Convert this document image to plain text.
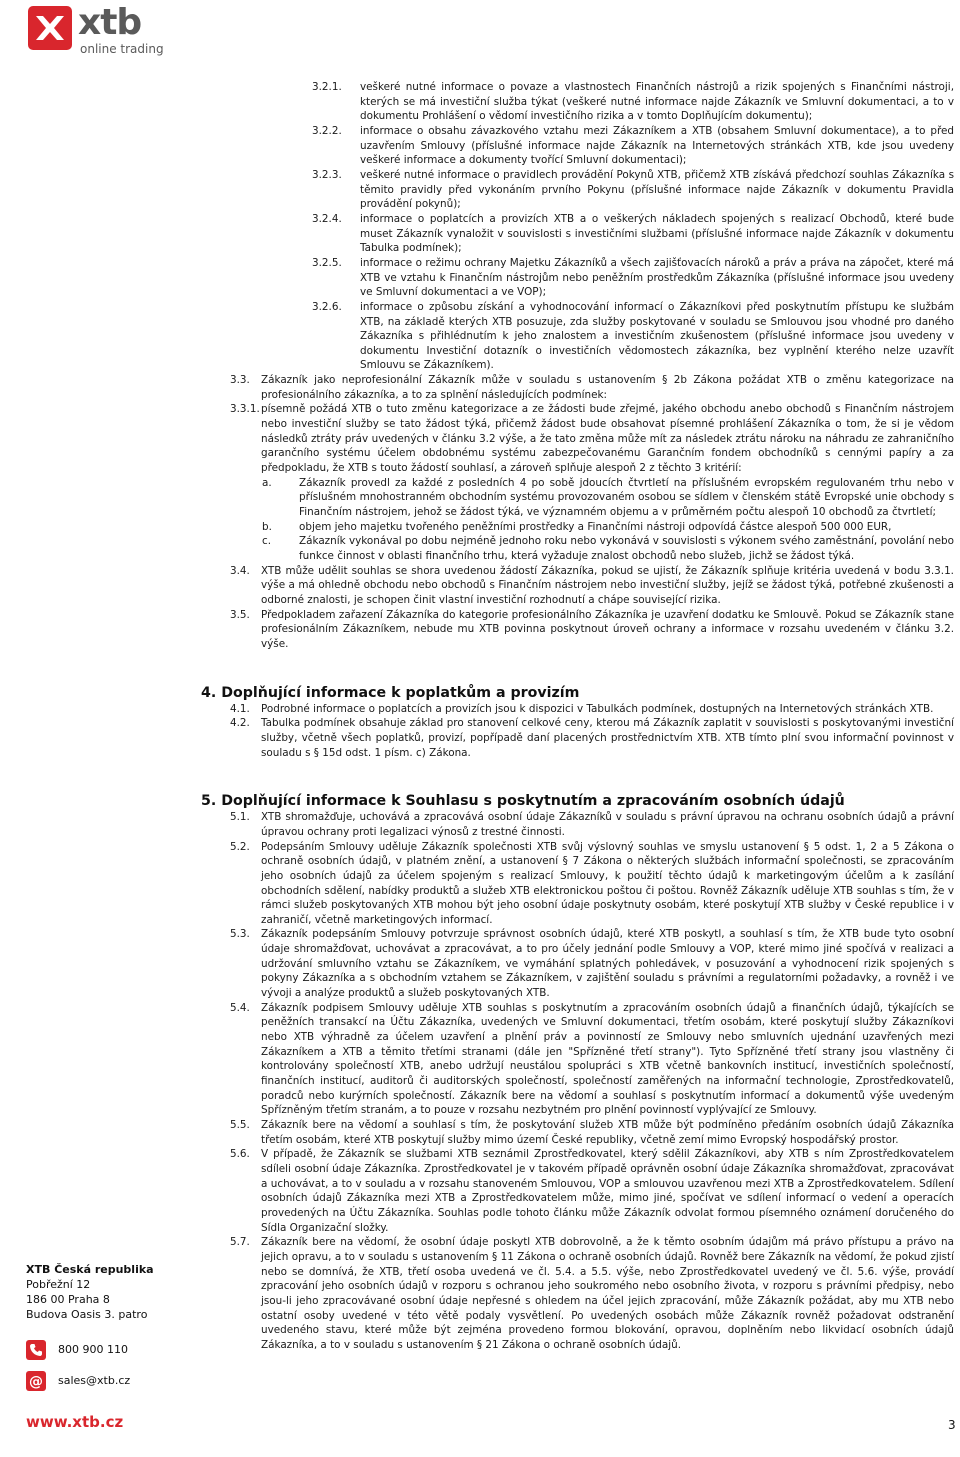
xtb
online trading
3.2.1. veškeré nutné informace o povaze a vlastnostech Finančních nástrojů a rizik spojených s Finančními nástroji, kterých se má investiční služba týkat (veškeré nutné informace najde Zákazník ve Smluvní dokumentaci, a to v dokumentu Prohlášení o vědomí investičního rizika a v tomto Doplňujícím dokumentu);
3.2.2. informace o obsahu závazkového vztahu mezi Zákazníkem a XTB (obsahem Smluvní dokumentace), a to před uzavřením Smlouvy (příslušné informace najde Zákazník na Internetových stránkách XTB, kde jsou uvedeny veškeré informace a dokumenty tvořící Smluvní dokumentaci);
3.2.3. veškeré nutné informace o pravidlech provádění Pokynů XTB, přičemž XTB získává předchozí souhlas Zákazníka s těmito pravidly před vykonáním prvního Pokynu (příslušné informace najde Zákazník v dokumentu Pravidla provádění pokynů);
3.2.4. informace o poplatcích a provizích XTB a o veškerých nákladech spojených s realizací Obchodů, které bude muset Zákazník vynaložit v souvislosti s investičními službami (příslušné informace najde Zákazník v dokumentu Tabulka podmínek);
3.2.5. informace o režimu ochrany Majetku Zákazníků a všech zajišťovacích nároků a práv a práva na zápočet, které má XTB ve vztahu k Finančním nástrojům nebo peněžním prostředkům Zákazníka (příslušné informace jsou uvedeny ve Smluvní dokumentaci a ve VOP);
3.2.6. informace o způsobu získání a vyhodnocování informací o Zákazníkovi před poskytnutím přístupu ke službám XTB, na základě kterých XTB posuzuje, zda služby poskytované v souladu se Smlouvou jsou vhodné pro daného Zákazníka s přihlédnutím k jeho znalostem a investičním zkušenostem (příslušné informace jsou uvedeny v dokumentu Investiční dotazník o investičních vědomostech zákazníka, bez vyplnění kterého nelze uzavřít Smlouvu se Zákazníkem).
3.3. Zákazník jako neprofesionální Zákazník může v souladu s ustanovením § 2b Zákona požádat XTB o změnu kategorizace na profesionálního zákazníka, a to za splnění následujících podmínek:
3.3.1. písemně požádá XTB o tuto změnu kategorizace a ze žádosti bude zřejmé, jakého obchodu anebo obchodů s Finančním nástrojem nebo investiční služby se tato žádost týká, přičemž žádost bude obsahovat písemné prohlášení Zákazníka o tom, že si je vědom následků ztráty práv uvedených v článku 3.2 výše, a že tato změna může mít za následek ztrátu nároku na náhradu ze zahraničního garančního systému účelem obdobnému systému zabezpečovanému Garančním fondem obchodníků s cennými papíry a za předpokladu, že XTB s touto žádostí souhlasí, a zároveň splňuje alespoň 2 z těchto 3 kritérií:
a.	Zákazník provedl za každé z posledních 4 po sobě jdoucích čtvrtletí na příslušném evropském regulovaném trhu nebo v příslušném mnohostranném obchodním systému provozovaném osobou se sídlem v členském státě Evropské unie obchody s Finančním nástrojem, jehož se žádost týká, ve významném objemu a v průměrném počtu alespoň 10 obchodů za čtvrtletí;
b.	objem jeho majetku tvořeného peněžními prostředky a Finančními nástroji odpovídá částce alespoň 500 000 EUR,
c.	Zákazník vykonával po dobu nejméně jednoho roku nebo vykonává v souvislosti s výkonem svého zaměstnání, povolání nebo funkce činnost v oblasti finančního trhu, která vyžaduje znalost obchodů nebo služeb, jichž se žádost týká.
3.4. XTB může udělit souhlas se shora uvedenou žádostí Zákazníka, pokud se ujistí, že Zákazník splňuje kritéria uvedená v bodu 3.3.1. výše a má ohledně obchodu nebo obchodů s Finančním nástrojem nebo investiční služby, jejíž se žádost týká, potřebné zkušenosti a odborné znalosti, je schopen činit vlastní investiční rozhodnutí a chápe související rizika.
3.5. Předpokladem zařazení Zákazníka do kategorie profesionálního Zákazníka je uzavření dodatku ke Smlouvě. Pokud se Zákazník stane profesionálním Zákazníkem, nebude mu XTB povinna poskytnout úroveň ochrany a informace v rozsahu uvedeném v článku 3.2. výše.
4. Doplňující informace k poplatkům a provizím
4.1. Podrobné informace o poplatcích a provizích jsou k dispozici v Tabulkách podmínek, dostupných na Internetových stránkách XTB.
4.2. Tabulka podmínek obsahuje základ pro stanovení celkové ceny, kterou má Zákazník zaplatit v souvislosti s poskytovanými investiční služby, včetně všech poplatků, provizí, popřípadě daní placených prostřednictvím XTB. XTB tímto plní svou informační povinnost v souladu s § 15d odst. 1 písm. c) Zákona.
5. Doplňující informace k Souhlasu s poskytnutím a zpracováním osobních údajů
5.1. XTB shromažďuje, uchovává a zpracovává osobní údaje Zákazníků v souladu s právní úpravou na ochranu osobních údajů a právní úpravou ochrany proti legalizaci výnosů z trestné činnosti.
5.2. Podepsáním Smlouvy uděluje Zákazník společnosti XTB svůj výslovný souhlas ve smyslu ustanovení § 5 odst. 1, 2 a 5 Zákona o ochraně osobních údajů, v platném znění, a ustanovení § 7 Zákona o některých službách informační společnosti, se zpracováním jeho osobních údajů za účelem spojeným s realizací Smlouvy, k použití těchto údajů k marketingovým účelům a k zasílání obchodních sdělení, nabídky produktů a služeb XTB elektronickou poštou či poštou. Rovněž Zákazník uděluje XTB souhlas s tím, že v rámci služeb poskytovaných XTB mohou být jeho osobní údaje poskytnuty osobám, které poskytují XTB služby v České republice i v zahraničí, včetně marketingových informací.
5.3. Zákazník podepsáním Smlouvy potvrzuje správnost osobních údajů, které XTB poskytl, a souhlasí s tím, že XTB bude tyto osobní údaje shromažďovat, uchovávat a zpracovávat, a to pro účely jednání podle Smlouvy a VOP, které mimo jiné spočívá v realizaci a udržování smluvního vztahu se Zákazníkem, ve vymáhání splatných pohledávek, v posuzování a vyhodnocení rizik spojených s pokyny Zákazníka a s obchodním vztahem se Zákazníkem, v zajištění souladu s právními a regulatorními požadavky, a rovněž i ve vývoji a analýze produktů a služeb poskytovaných XTB.
5.4. Zákazník podpisem Smlouvy uděluje XTB souhlas s poskytnutím a zpracováním osobních údajů a finančních údajů, týkajících se peněžních transakcí na Účtu Zákazníka, uvedených ve Smluvní dokumentaci, třetím osobám, které poskytují služby Zákazníkovi nebo XTB výhradně za účelem uzavření a plnění práv a povinností ze Smlouvy nebo smluvních ujednání uzavřených mezi Zákazníkem a XTB a těmito třetími stranami (dále jen "Spřízněné třetí strany"). Tyto Spřízněné třetí strany jsou vlastněny či kontrolovány společností XTB, anebo udržují neustálou spolupráci s XTB včetně bankovních institucí, investičních společností, finančních institucí, auditorů či auditorských společností, společností zaměřených na informační technologie, Zprostředkovatelů, poradců nebo kurýrních společností. Zákazník bere na vědomí a souhlasí s poskytnutím informací a dokumentů výše uvedeným Spřízněným třetím stranám, a to pouze v rozsahu nezbytném pro plnění povinností vyplývající ze Smlouvy.
5.5. Zákazník bere na vědomí a souhlasí s tím, že poskytování služeb XTB může být podmíněno předáním osobních údajů Zákazníka třetím osobám, které XTB poskytují služby mimo území České republiky, včetně zemí mimo Evropský hospodářský prostor.
5.6. V případě, že Zákazník se službami XTB seznámil Zprostředkovatel, který sdělil Zákazníkovi, aby XTB s ním Zprostředkovatelem sdíleli osobní údaje Zákazníka. Zprostředkovatel je v takovém případě oprávněn osobní údaje Zákazníka shromažďovat, zpracovávat a uchovávat, a to v souladu a v rozsahu stanoveném Smlouvou, VOP a smlouvou uzavřenou mezi XTB a Zprostředkovatelem. Sdílení osobních údajů Zákazníka mezi XTB a Zprostředkovatelem může, mimo jiné, spočívat ve sdílení informací o vedení a operacích provedených na Účtu Zákazníka. Souhlas podle tohoto článku může Zákazník odvolat formou písemného oznámení doručeného do Sídla Organizační složky.
5.7. Zákazník bere na vědomí, že osobní údaje poskytl XTB dobrovolně, a že k těmto osobním údajům má právo přístupu a právo na jejich opravu, a to v souladu s ustanovením § 11 Zákona o ochraně osobních údajů. Rovněž bere Zákazník na vědomí, že pokud zjistí nebo se domnívá, že XTB, třetí osoba uvedená ve čl. 5.4. a 5.5. výše, nebo Zprostředkovatel uvedený ve čl. 5.6. výše, provádí zpracování jeho osobních údajů v rozporu s ochranou jeho soukromého nebo osobního života, v rozporu s právními předpisy, nebo jsou-li jeho zpracovávané osobní údaje nepřesné s ohledem na účel jejich zpracování, může Zákazník požádat, aby mu XTB nebo ostatní osoby uvedené v této větě podaly vysvětlení. Po uvedených osobách může Zákazník rovněž požadovat odstranění uvedeného stavu, které může být zejména provedeno formou blokování, opravou, doplněním nebo likvidací osobních údajů Zákazníka, a to v souladu s ustanovením § 21 Zákona o ochraně osobních údajů.
XTB Česká republika
Pobřežní 12
186 00 Praha 8
Budova Oasis 3. patro
800 900 110
@ sales@xtb.cz
www.xtb.cz	3
